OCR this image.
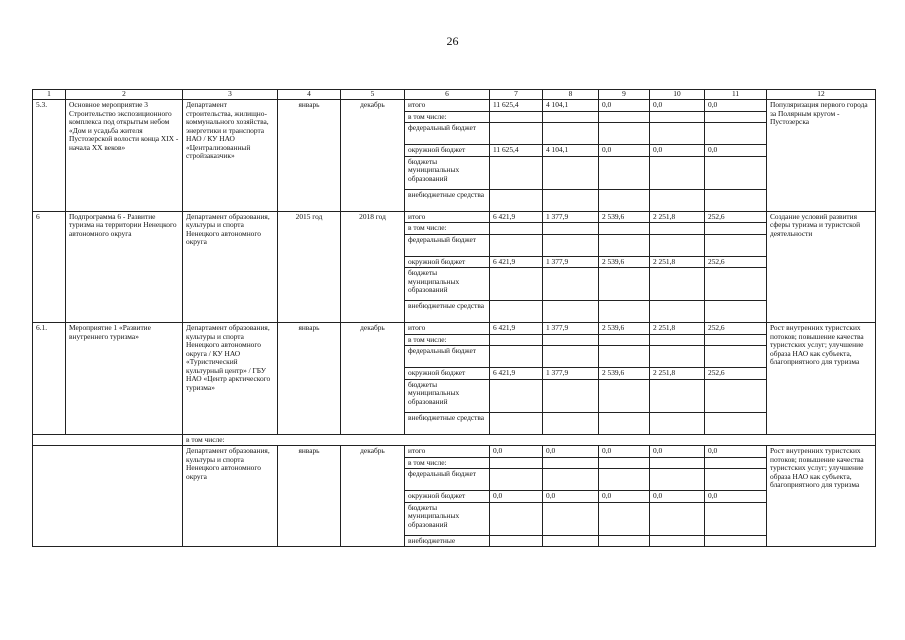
26
1	2	3	4	5	6	7	8	9	10	11	12
5.3.	Основное мероприятие 3 Строительство экспозиционного комплекса под открытым небом «Дом и усадьба жителя Пустозерской волости конца XIX - начала XX веков»	Департамент строительства, жилищно-коммунального хозяйства, энергетики и транспорта НАО / КУ НАО «Централизованный стройзаказчик»	январь	декабрь	итого	11 625,4	4 104,1	0,0	0,0	0,0	Популяризация первого города за Полярным кругом - Пустозерска
					в том числе:						
					федеральный бюджет						
					окружной бюджет	11 625,4	4 104,1	0,0	0,0	0,0	
					бюджеты муниципальных образований						
					внебюджетные средства						
6	Подпрограмма 6 - Развитие туризма на территории Ненецкого автономного округа	Департамент образования, культуры и спорта Ненецкого автономного округа	2015 год	2018 год	итого	6 421,9	1 377,9	2 539,6	2 251,8	252,6	Создание условий развития сферы туризма и туристской деятельности
					в том числе:						
					федеральный бюджет						
					окружной бюджет	6 421,9	1 377,9	2 539,6	2 251,8	252,6	
					бюджеты муниципальных образований						
					внебюджетные средства						
6.1.	Мероприятие 1 «Развитие внутреннего туризма»	Департамент образования, культуры и спорта Ненецкого автономного округа / КУ НАО «Туристический культурный центр» / ГБУ НАО «Центр арктического туризма»	январь	декабрь	итого	6 421,9	1 377,9	2 539,6	2 251,8	252,6	Рост внутренних туристских потоков; повышение качества туристских услуг; улучшение образа НАО как субъекта, благоприятного для туризма
					в том числе:						
					федеральный бюджет						
					окружной бюджет	6 421,9	1 377,9	2 539,6	2 251,8	252,6	
					бюджеты муниципальных образований						
					внебюджетные средства						
		в том числе:									
		Департамент образования, культуры и спорта Ненецкого автономного округа	январь	декабрь	итого	0,0	0,0	0,0	0,0	0,0	Рост внутренних туристских потоков; повышение качества туристских услуг; улучшение образа НАО как субъекта, благоприятного для туризма
					в том числе:						
					федеральный бюджет						
					окружной бюджет	0,0	0,0	0,0	0,0	0,0	
					бюджеты муниципальных образований						
					внебюджетные						
